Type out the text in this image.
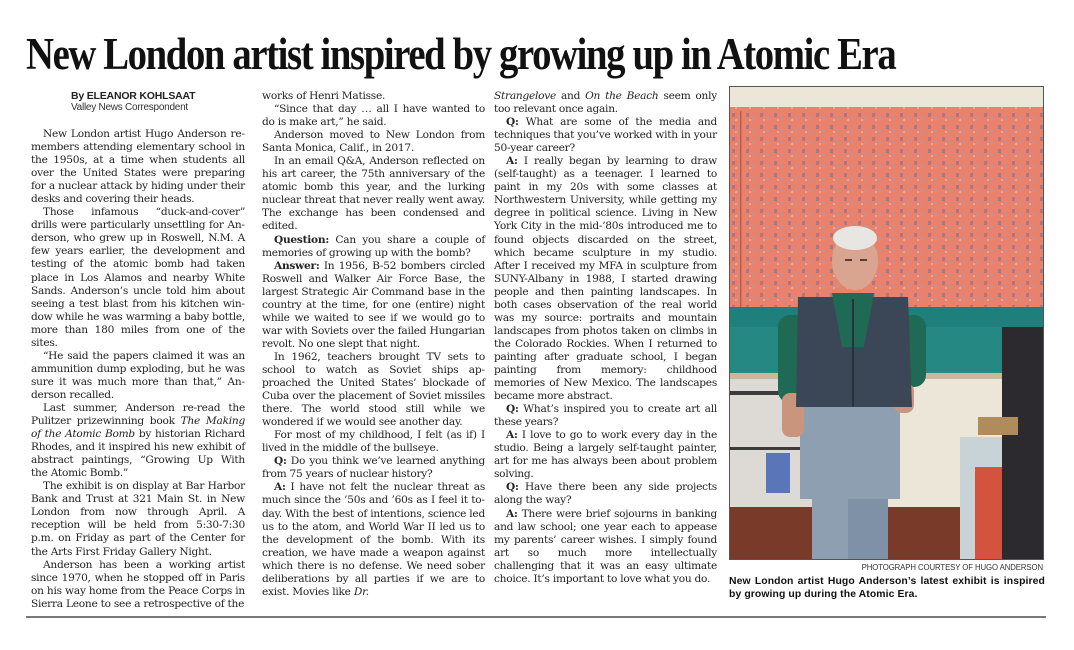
New London artist inspired by growing up in Atomic Era
By ELEANOR KOHLSAAT
Valley News Correspondent

New London artist Hugo Anderson remembers attending elementary school in the 1950s, at a time when students all over the United States were preparing for a nuclear attack by hiding under their desks and covering their heads.

Those infamous “duck-and-cover” drills were particularly unsettling for Anderson, who grew up in Roswell, N.M. A few years earlier, the development and testing of the atomic bomb had taken place in Los Alamos and nearby White Sands. Anderson’s uncle told him about seeing a test blast from his kitchen window while he was warming a baby bottle, more than 180 miles from one of the sites.

“He said the papers claimed it was an ammunition dump exploding, but he was sure it was much more than that,” Anderson recalled.

Last summer, Anderson re-read the Pulitzer prizewinning book The Making of the Atomic Bomb by historian Richard Rhodes, and it inspired his new exhibit of abstract paintings, “Growing Up With the Atomic Bomb.”

The exhibit is on display at Bar Harbor Bank and Trust at 321 Main St. in New London from now through April. A reception will be held from 5:30-7:30 p.m. on Friday as part of the Center for the Arts First Friday Gallery Night.

Anderson has been a working artist since 1970, when he stopped off in Paris on his way home from the Peace Corps in Sierra Leone to see a retrospective of the

works of Henri Matisse.

“Since that day … all I have wanted to do is make art,” he said.

Anderson moved to New London from Santa Monica, Calif., in 2017.

In an email Q&A, Anderson reflected on his art career, the 75th anniversary of the atomic bomb this year, and the lurking nuclear threat that never really went away. The exchange has been condensed and edited.

Question: Can you share a couple of memories of growing up with the bomb?

Answer: In 1956, B-52 bombers circled Roswell and Walker Air Force Base, the largest Strategic Air Command base in the country at the time, for one (entire) night while we waited to see if we would go to war with Soviets over the failed Hungarian revolt. No one slept that night.

In 1962, teachers brought TV sets to school to watch as Soviet ships approached the United States’ blockade of Cuba over the placement of Soviet missiles there. The world stood still while we wondered if we would see another day.

For most of my childhood, I felt (as if) I lived in the middle of the bullseye.

Q: Do you think we’ve learned anything from 75 years of nuclear history?

A: I have not felt the nuclear threat as much since the ’50s and ’60s as I feel it today. With the best of intentions, science led us to the atom, and World War II led us to the development of the bomb. With its creation, we have made a weapon against which there is no defense. We need sober deliberations by all parties if we are to exist. Movies like Dr.

Strangelove and On the Beach seem only too relevant once again.

Q: What are some of the media and techniques that you’ve worked with in your 50-year career?

A: I really began by learning to draw (self-taught) as a teenager. I learned to paint in my 20s with some classes at Northwestern University, while getting my degree in political science. Living in New York City in the mid-’80s introduced me to found objects discarded on the street, which became sculpture in my studio. After I received my MFA in sculpture from SUNY-Albany in 1988, I started drawing people and then painting landscapes. In both cases observation of the real world was my source: portraits and mountain landscapes from photos taken on climbs in the Colorado Rockies. When I returned to painting after graduate school, I began painting from memory: childhood memories of New Mexico. The landscapes became more abstract.

Q: What’s inspired you to create art all these years?

A: I love to go to work every day in the studio. Being a largely self-taught painter, art for me has always been about problem solving.

Q: Have there been any side projects along the way?

A: There were brief sojourns in banking and law school; one year each to appease my parents’ career wishes. I simply found art so much more intellectually challenging that it was an easy ultimate choice. It’s important to love what you do.

PHOTOGRAPH COURTESY OF HUGO ANDERSON
New London artist Hugo Anderson’s latest exhibit is inspired by growing up during the Atomic Era.
